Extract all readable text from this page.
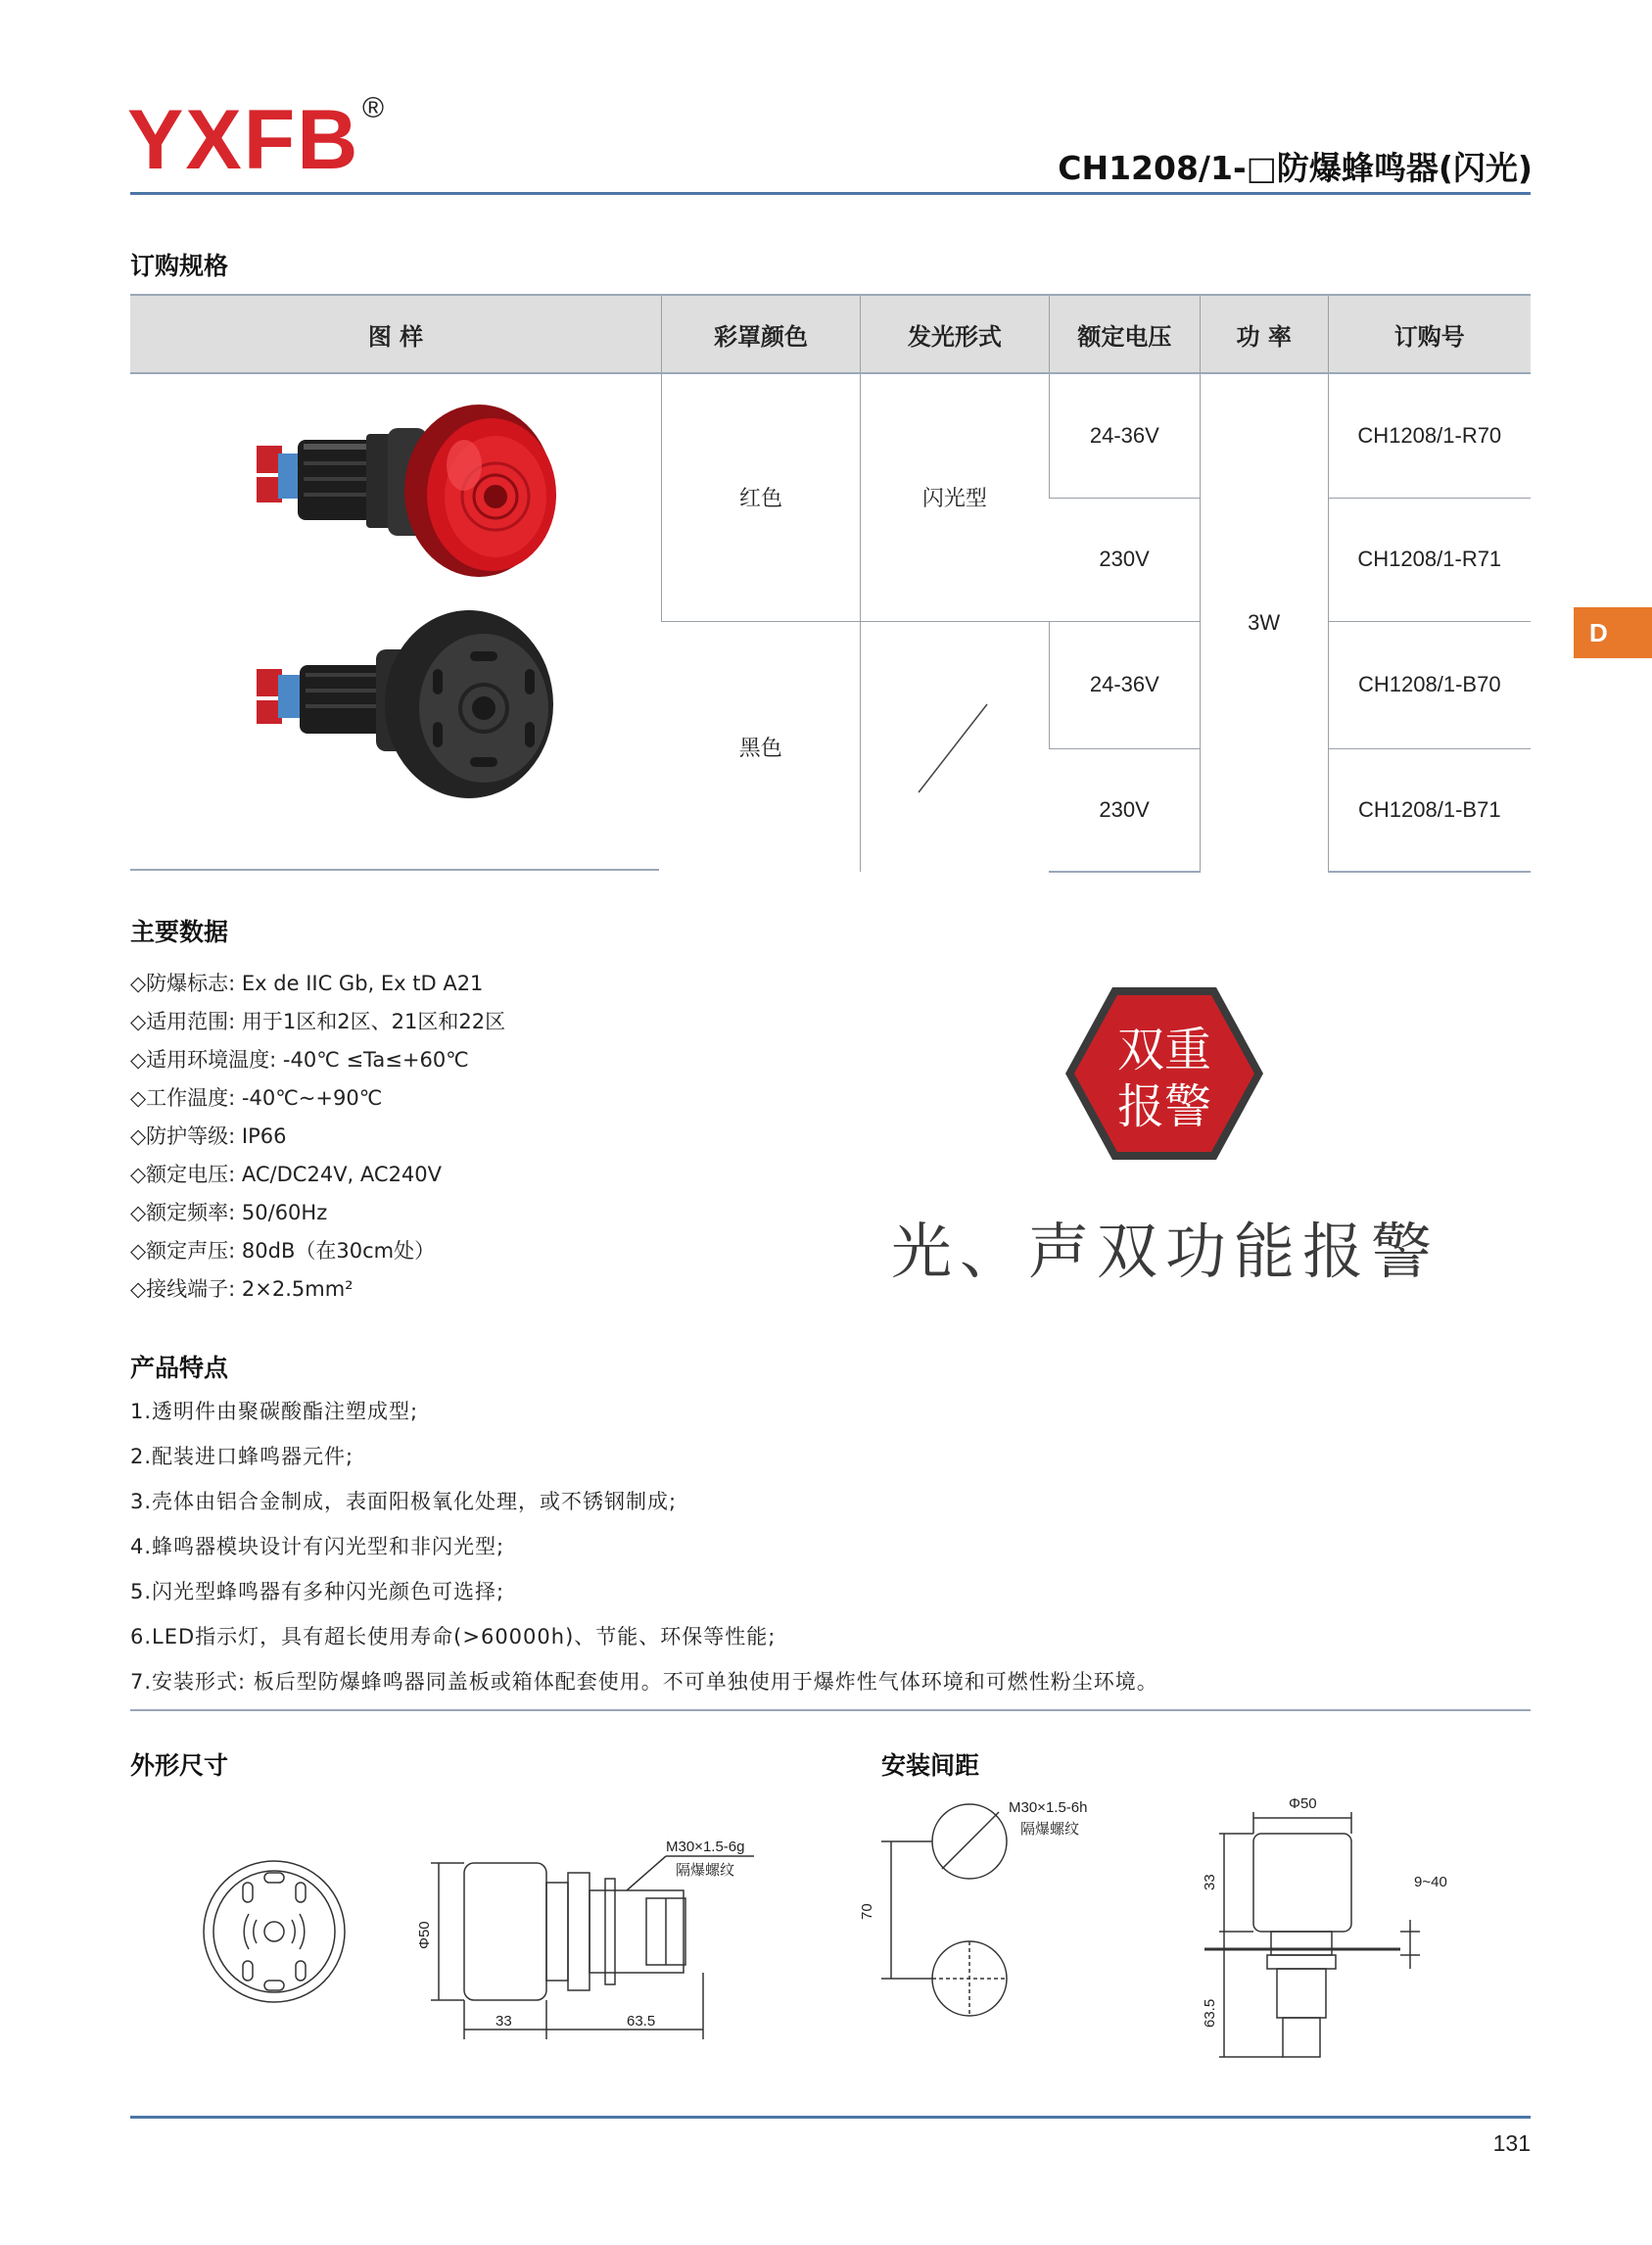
YXFB ®
CH1208/1-□防爆蜂鸣器(闪光)
D
订购规格
图 样	彩罩颜色	发光形式	额定电压	功 率	订购号
	红色	闪光型	24-36V	3W	CH1208/1-R70
			230V		CH1208/1-R71
	黑色		24-36V		CH1208/1-B70
			230V		CH1208/1-B71
主要数据
◇防爆标志: Ex de IIC Gb, Ex tD A21
◇适用范围: 用于1区和2区、21区和22区
◇适用环境温度: -40℃ ≤Ta≤+60℃
◇工作温度: -40℃~+90℃
◇防护等级: IP66
◇额定电压: AC/DC24V, AC240V
◇额定频率: 50/60Hz
◇额定声压: 80dB（在30cm处）
◇接线端子: 2×2.5mm²
双重
报警
光、声双功能报警
产品特点
1.透明件由聚碳酸酯注塑成型;
2.配装进口蜂鸣器元件;
3.壳体由铝合金制成，表面阳极氧化处理，或不锈钢制成;
4.蜂鸣器模块设计有闪光型和非闪光型;
5.闪光型蜂鸣器有多种闪光颜色可选择;
6.LED指示灯，具有超长使用寿命(>60000h)、节能、环保等性能;
7.安装形式: 板后型防爆蜂鸣器同盖板或箱体配套使用。不可单独使用于爆炸性气体环境和可燃性粉尘环境。
外形尺寸
M30×1.5-6g
隔爆螺纹
Φ50
33	63.5
安装间距
M30×1.5-6h
隔爆螺纹
70
Φ50
33
63.5
9~40
131
